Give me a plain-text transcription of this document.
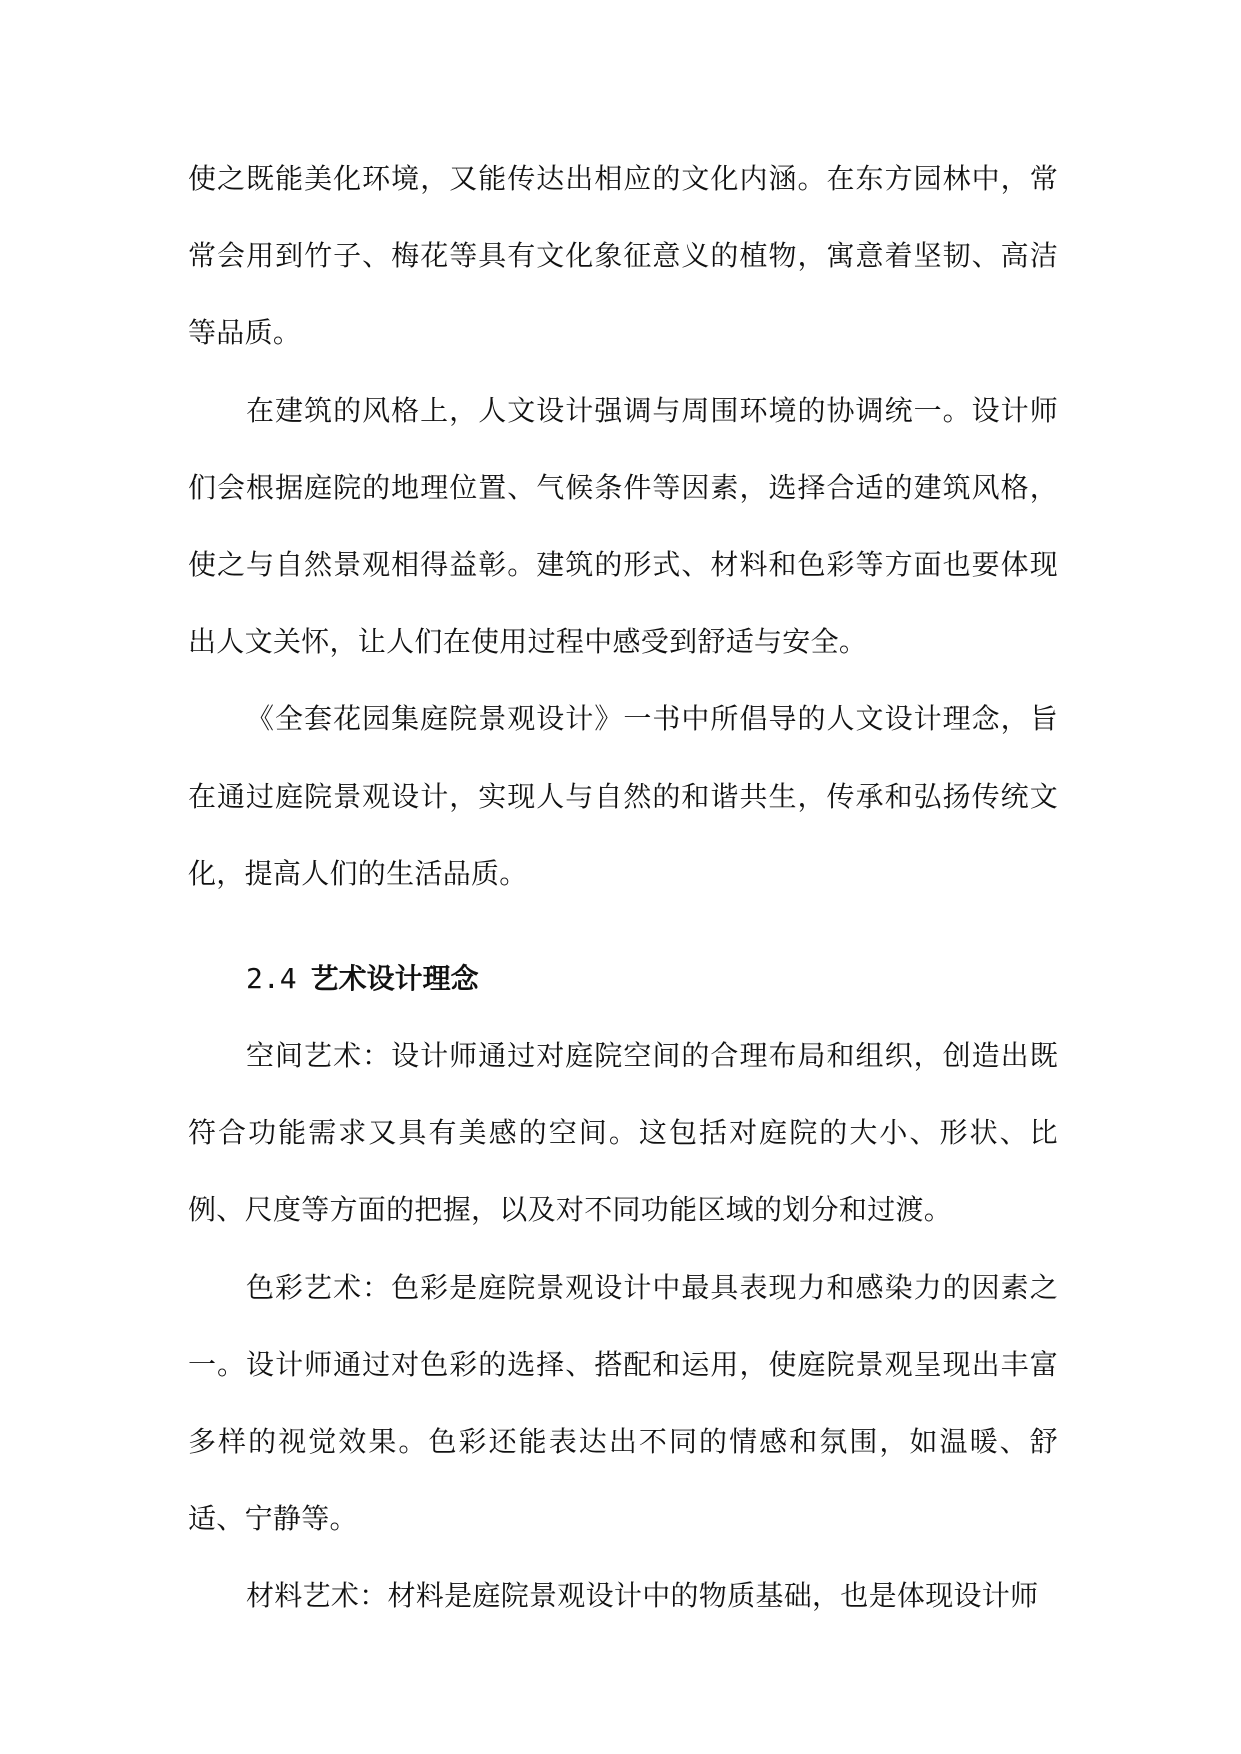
使之既能美化环境，又能传达出相应的文化内涵。在东方园林中，常常会用到竹子、梅花等具有文化象征意义的植物，寓意着坚韧、高洁等品质。

在建筑的风格上，人文设计强调与周围环境的协调统一。设计师们会根据庭院的地理位置、气候条件等因素，选择合适的建筑风格，使之与自然景观相得益彰。建筑的形式、材料和色彩等方面也要体现出人文关怀，让人们在使用过程中感受到舒适与安全。

《全套花园集庭院景观设计》一书中所倡导的人文设计理念，旨在通过庭院景观设计，实现人与自然的和谐共生，传承和弘扬传统文化，提高人们的生活品质。

2.4 艺术设计理念

空间艺术：设计师通过对庭院空间的合理布局和组织，创造出既符合功能需求又具有美感的空间。这包括对庭院的大小、形状、比例、尺度等方面的把握，以及对不同功能区域的划分和过渡。

色彩艺术：色彩是庭院景观设计中最具表现力和感染力的因素之一。设计师通过对色彩的选择、搭配和运用，使庭院景观呈现出丰富多样的视觉效果。色彩还能表达出不同的情感和氛围，如温暖、舒适、宁静等。

材料艺术：材料是庭院景观设计中的物质基础，也是体现设计师
